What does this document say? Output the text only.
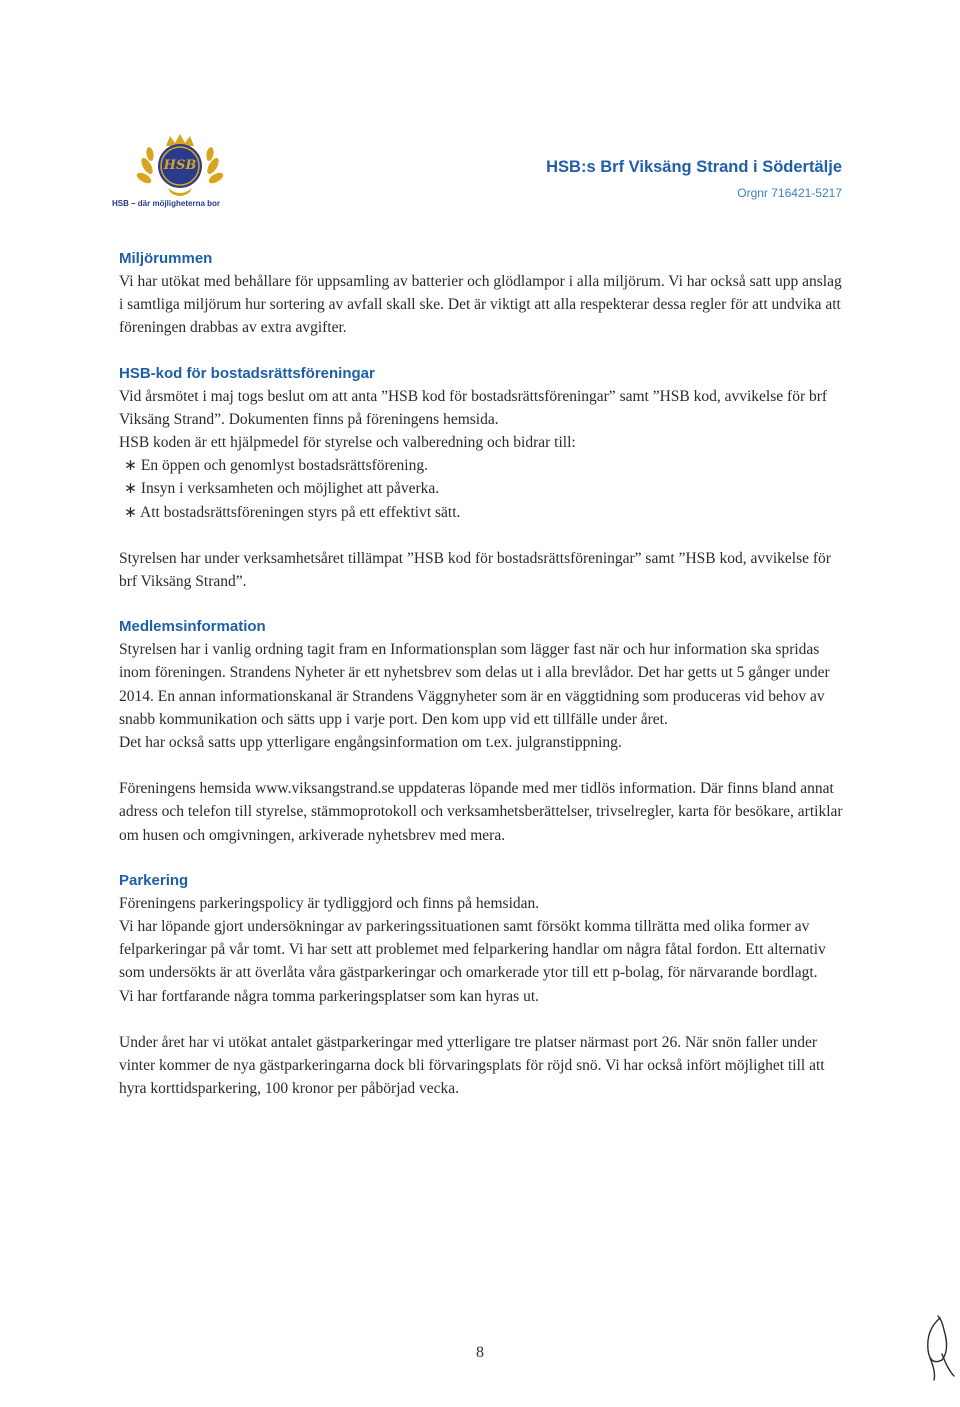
HSB
HSB – där möjligheterna bor
HSB:s Brf Viksäng Strand i Södertälje
Orgnr 716421-5217
Miljörummen

Vi har utökat med behållare för uppsamling av batterier och glödlampor i alla miljörum. Vi har också satt upp anslag i samtliga miljörum hur sortering av avfall skall ske. Det är viktigt att alla respekterar dessa regler för att undvika att föreningen drabbas av extra avgifter.

HSB-kod för bostadsrättsföreningar

Vid årsmötet i maj togs beslut om att anta ”HSB kod för bostadsrättsföreningar” samt ”HSB kod, avvikelse för brf Viksäng Strand”. Dokumenten finns på föreningens hemsida.

HSB koden är ett hjälpmedel för styrelse och valberedning och bidrar till:

∗ En öppen och genomlyst bostadsrättsförening.

∗ Insyn i verksamheten och möjlighet att påverka.

∗ Att bostadsrättsföreningen styrs på ett effektivt sätt.

Styrelsen har under verksamhetsåret tillämpat ”HSB kod för bostadsrättsföreningar” samt ”HSB kod, avvikelse för brf Viksäng Strand”.

Medlemsinformation

Styrelsen har i vanlig ordning tagit fram en Informationsplan som lägger fast när och hur information ska spridas inom föreningen. Strandens Nyheter är ett nyhetsbrev som delas ut i alla brevlådor. Det har getts ut 5 gånger under 2014. En annan informationskanal är Strandens Väggnyheter som är en väggtidning som produceras vid behov av snabb kommunikation och sätts upp i varje port. Den kom upp vid ett tillfälle under året.

Det har också satts upp ytterligare engångsinformation om t.ex. julgranstippning.

Föreningens hemsida www.viksangstrand.se uppdateras löpande med mer tidlös information. Där finns bland annat adress och telefon till styrelse, stämmoprotokoll och verksamhetsberättelser, trivselregler, karta för besökare, artiklar om husen och omgivningen, arkiverade nyhetsbrev med mera.

Parkering

Föreningens parkeringspolicy är tydliggjord och finns på hemsidan.

Vi har löpande gjort undersökningar av parkeringssituationen samt försökt komma tillrätta med olika former av felparkeringar på vår tomt. Vi har sett att problemet med felparkering handlar om några fåtal fordon. Ett alternativ som undersökts är att överlåta våra gästparkeringar och omarkerade ytor till ett p-bolag, för närvarande bordlagt.

Vi har fortfarande några tomma parkeringsplatser som kan hyras ut.

Under året har vi utökat antalet gästparkeringar med ytterligare tre platser närmast port 26. När snön faller under vinter kommer de nya gästparkeringarna dock bli förvaringsplats för röjd snö. Vi har också infört möjlighet till att hyra korttidsparkering, 100 kronor per påbörjad vecka.

8
